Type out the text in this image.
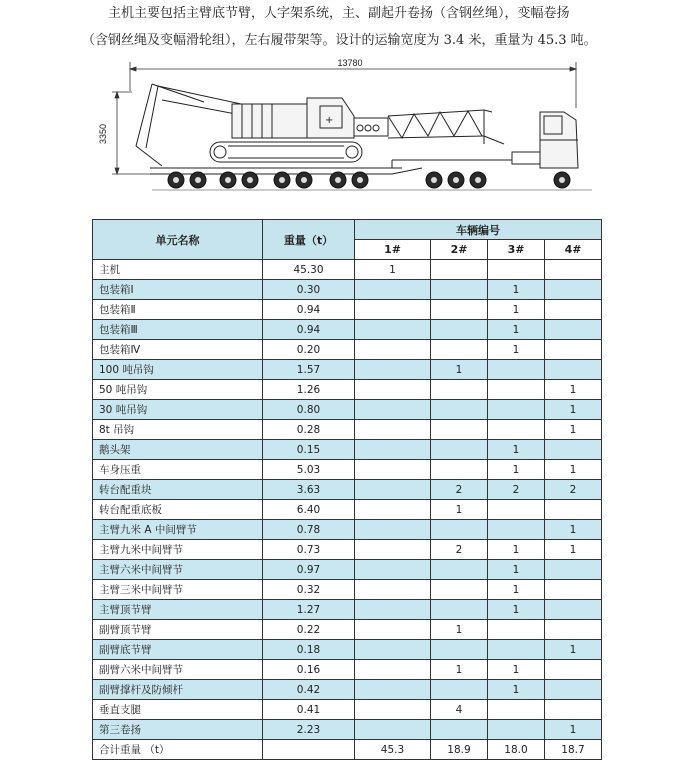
主机主要包括主臂底节臂，人字架系统，主、副起升卷扬（含钢丝绳），变幅卷扬

（含钢丝绳及变幅滑轮组），左右履带架等。设计的运输宽度为 3.4 米，重量为 45.3 吨。

13780
3350
+
单元名称	重量（t）	车辆编号			
		1#	2#	3#	4#
主机	45.30	1			
包装箱Ⅰ	0.30			1	
包装箱Ⅱ	0.94			1	
包装箱Ⅲ	0.94			1	
包装箱Ⅳ	0.20			1	
100 吨吊钩	1.57		1		
50 吨吊钩	1.26				1
30 吨吊钩	0.80				1
8t 吊钩	0.28				1
鹅头架	0.15			1	
车身压重	5.03			1	1
转台配重块	3.63		2	2	2
转台配重底板	6.40		1		
主臂九米 A 中间臂节	0.78				1
主臂九米中间臂节	0.73		2	1	1
主臂六米中间臂节	0.97			1	
主臂三米中间臂节	0.32			1	
主臂顶节臂	1.27			1	
副臂顶节臂	0.22		1		
副臂底节臂	0.18				1
副臂六米中间臂节	0.16		1	1	
副臂撑杆及防倾杆	0.42			1	
垂直支腿	0.41		4		
第三卷扬	2.23				1
合计重量 （t）		45.3	18.9	18.0	18.7
